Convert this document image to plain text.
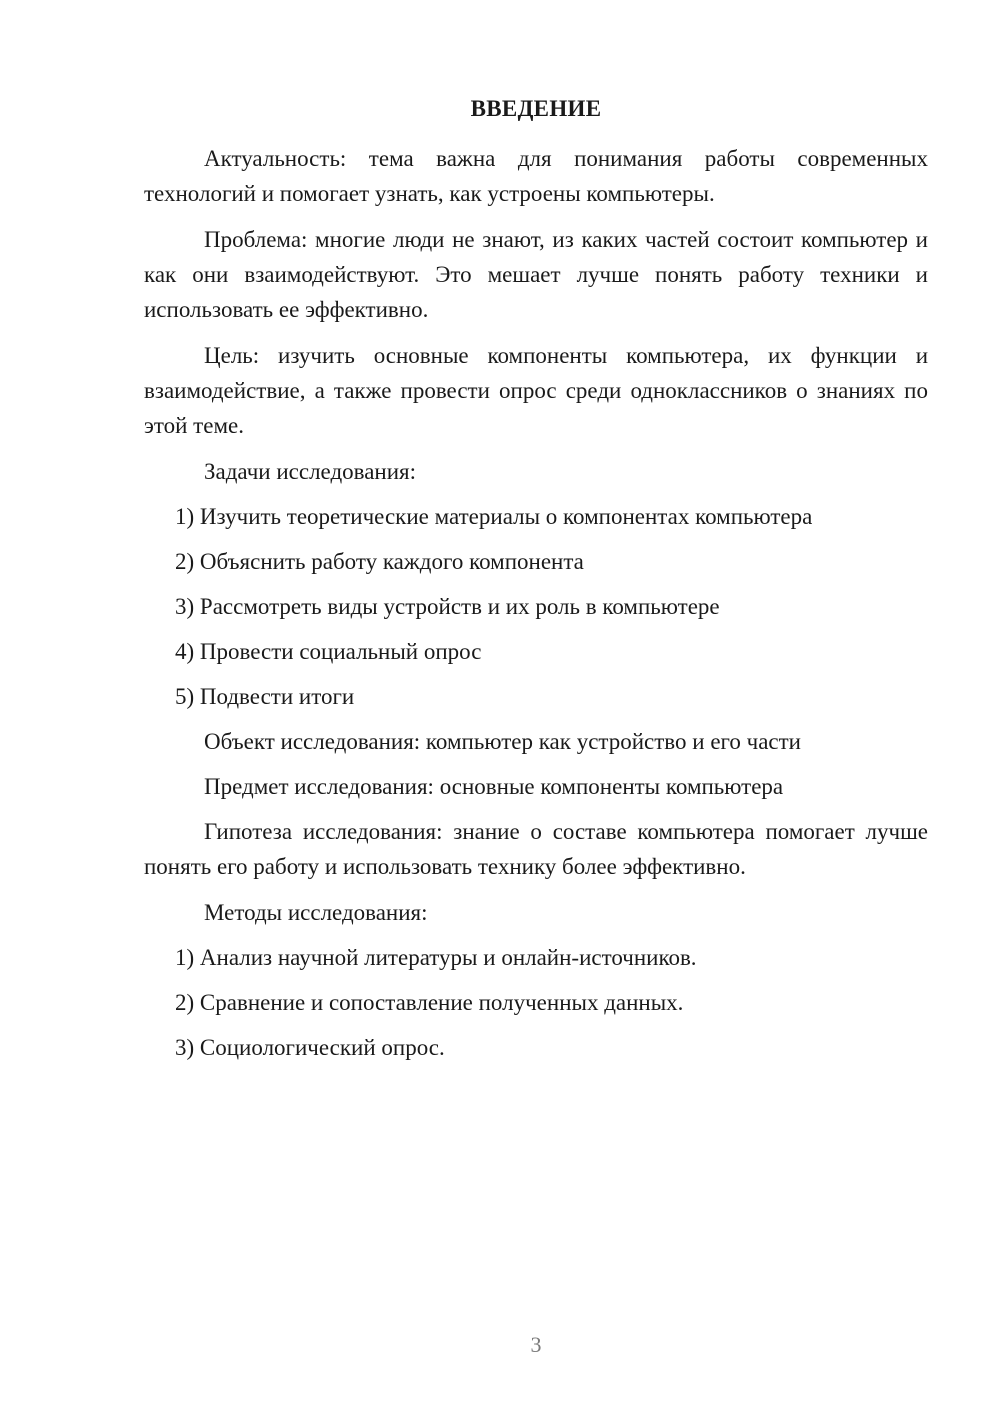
ВВЕДЕНИЕ

Актуальность: тема важна для понимания работы современных технологий и помогает узнать, как устроены компьютеры.

Проблема: многие люди не знают, из каких частей состоит компьютер и как они взаимодействуют. Это мешает лучше понять работу техники и использовать ее эффективно.

Цель: изучить основные компоненты компьютера, их функции и взаимодействие, а также провести опрос среди одноклассников о знаниях по этой теме.

Задачи исследования:
1) Изучить теоретические материалы о компонентах компьютера
2) Объяснить работу каждого компонента
3) Рассмотреть виды устройств и их роль в компьютере
4) Провести социальный опрос
5) Подвести итоги
Объект исследования: компьютер как устройство и его части
Предмет исследования: основные компоненты компьютера

Гипотеза исследования: знание о составе компьютера помогает лучше понять его работу и использовать технику более эффективно.

Методы исследования:
1) Анализ научной литературы и онлайн-источников.
2) Сравнение и сопоставление полученных данных.
3) Социологический опрос.
3
